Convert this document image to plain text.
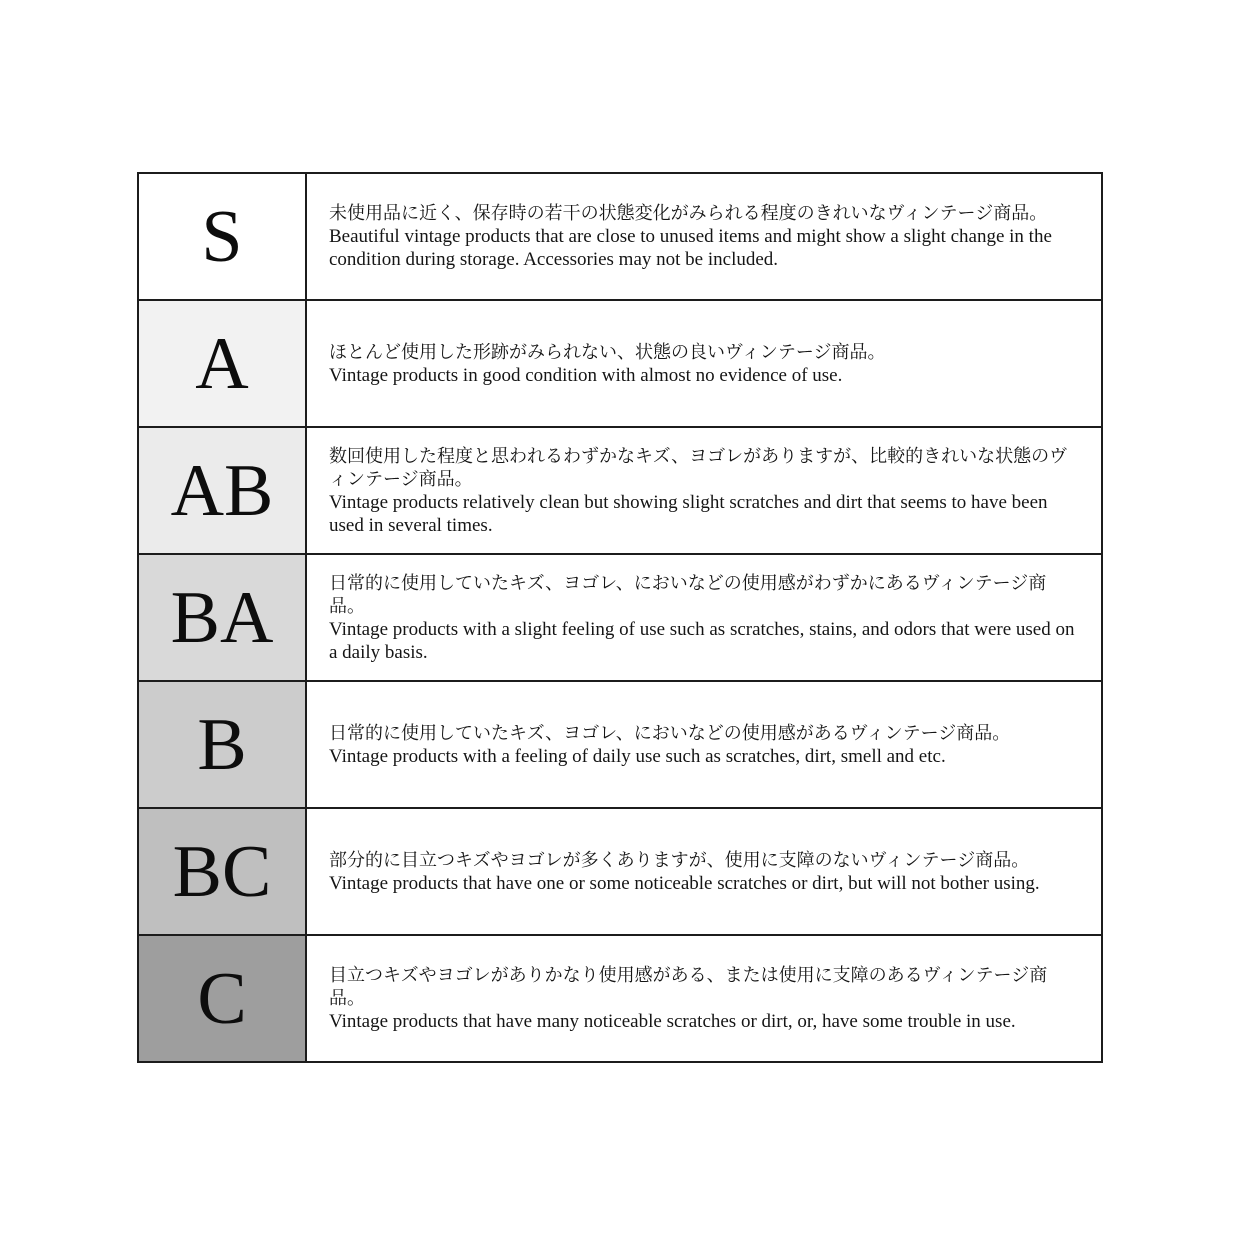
S	未使用品に近く、保存時の若干の状態変化がみられる程度のきれいなヴィンテージ商品。
Beautiful vintage products that are close to unused items and might show a slight change in the condition during storage. Accessories may not be included.

A	ほとんど使用した形跡がみられない、状態の良いヴィンテージ商品。
Vintage products in good condition with almost no evidence of use.

AB	数回使用した程度と思われるわずかなキズ、ヨゴレがありますが、比較的きれいな状態のヴィンテージ商品。
Vintage products relatively clean but showing slight scratches and dirt that seems to have been used in several times.

BA	日常的に使用していたキズ、ヨゴレ、においなどの使用感がわずかにあるヴィンテージ商品。
Vintage products with a slight feeling of use such as scratches, stains, and odors that were used on a daily basis.

B	日常的に使用していたキズ、ヨゴレ、においなどの使用感があるヴィンテージ商品。
Vintage products with a feeling of daily use such as scratches, dirt, smell and etc.

BC	部分的に目立つキズやヨゴレが多くありますが、使用に支障のないヴィンテージ商品。
Vintage products that have one or some noticeable scratches or dirt, but will not bother using.

C	目立つキズやヨゴレがありかなり使用感がある、または使用に支障のあるヴィンテージ商品。
Vintage products that have many noticeable scratches or dirt, or, have some trouble in use.
